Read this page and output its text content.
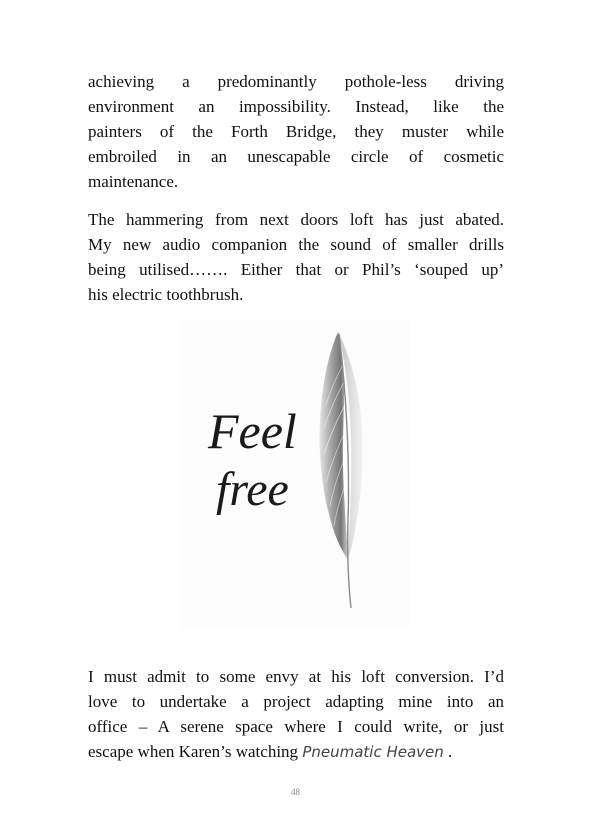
achieving a predominantly pothole-less driving
environment an impossibility. Instead, like the
painters of the Forth Bridge, they muster while
embroiled in an unescapable circle of cosmetic
maintenance.
The hammering from next doors loft has just abated.
My new audio companion the sound of smaller drills
being utilised……. Either that or Phil’s ‘souped up’
his electric toothbrush.
Feel
free
I must admit to some envy at his loft conversion. I’d
love to undertake a project adapting mine into an
office – A serene space where I could write, or just
escape when Karen’s watching Pneumatic Heaven .
48
